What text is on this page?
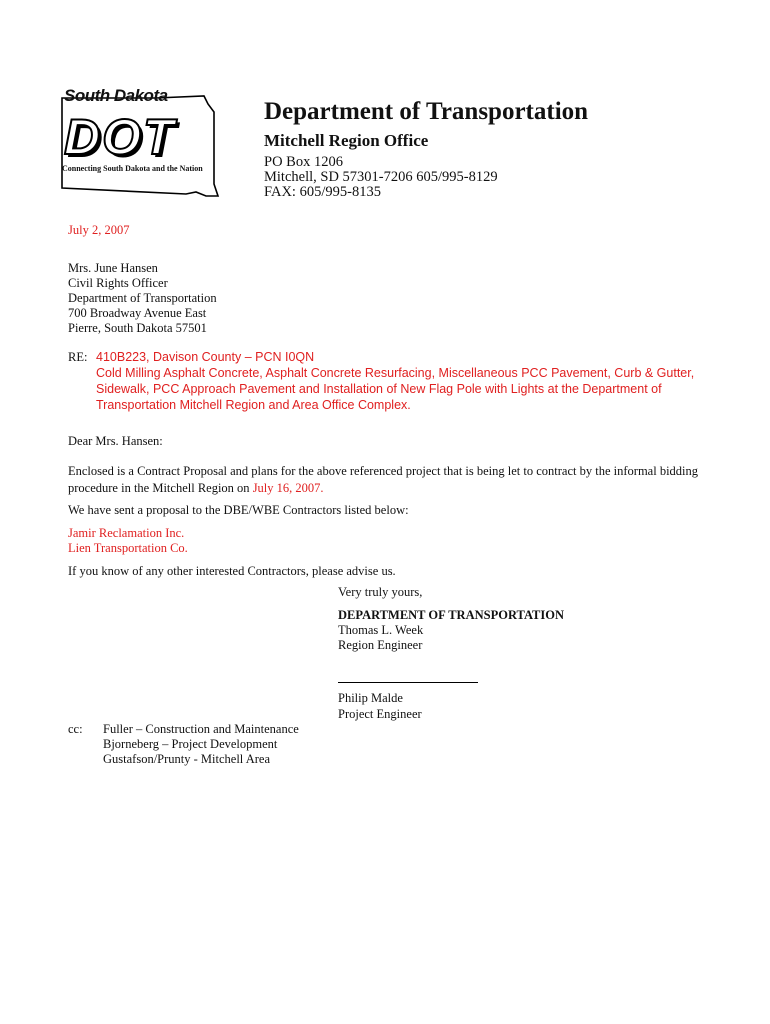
South Dakota
DOT
Connecting South Dakota and the Nation
Department of Transportation
Mitchell Region Office
PO Box 1206
Mitchell, SD 57301-7206 605/995-8129
FAX: 605/995-8135
July 2, 2007
Mrs. June Hansen
Civil Rights Officer
Department of Transportation
700 Broadway Avenue East
Pierre, South Dakota 57501
RE: 410B223, Davison County – PCN I0QN
Cold Milling Asphalt Concrete, Asphalt Concrete Resurfacing, Miscellaneous PCC Pavement, Curb & Gutter,
Sidewalk, PCC Approach Pavement and Installation of New Flag Pole with Lights at the Department of
Transportation Mitchell Region and Area Office Complex.
Dear Mrs. Hansen:
Enclosed is a Contract Proposal and plans for the above referenced project that is being let to contract by the informal bidding procedure in the Mitchell Region on July 16, 2007.
We have sent a proposal to the DBE/WBE Contractors listed below:
Jamir Reclamation Inc.
Lien Transportation Co.
If you know of any other interested Contractors, please advise us.
Very truly yours,
DEPARTMENT OF TRANSPORTATION
Thomas L. Week
Region Engineer
Philip Malde
Project Engineer
cc: Fuller – Construction and Maintenance
Bjorneberg – Project Development
Gustafson/Prunty - Mitchell Area
